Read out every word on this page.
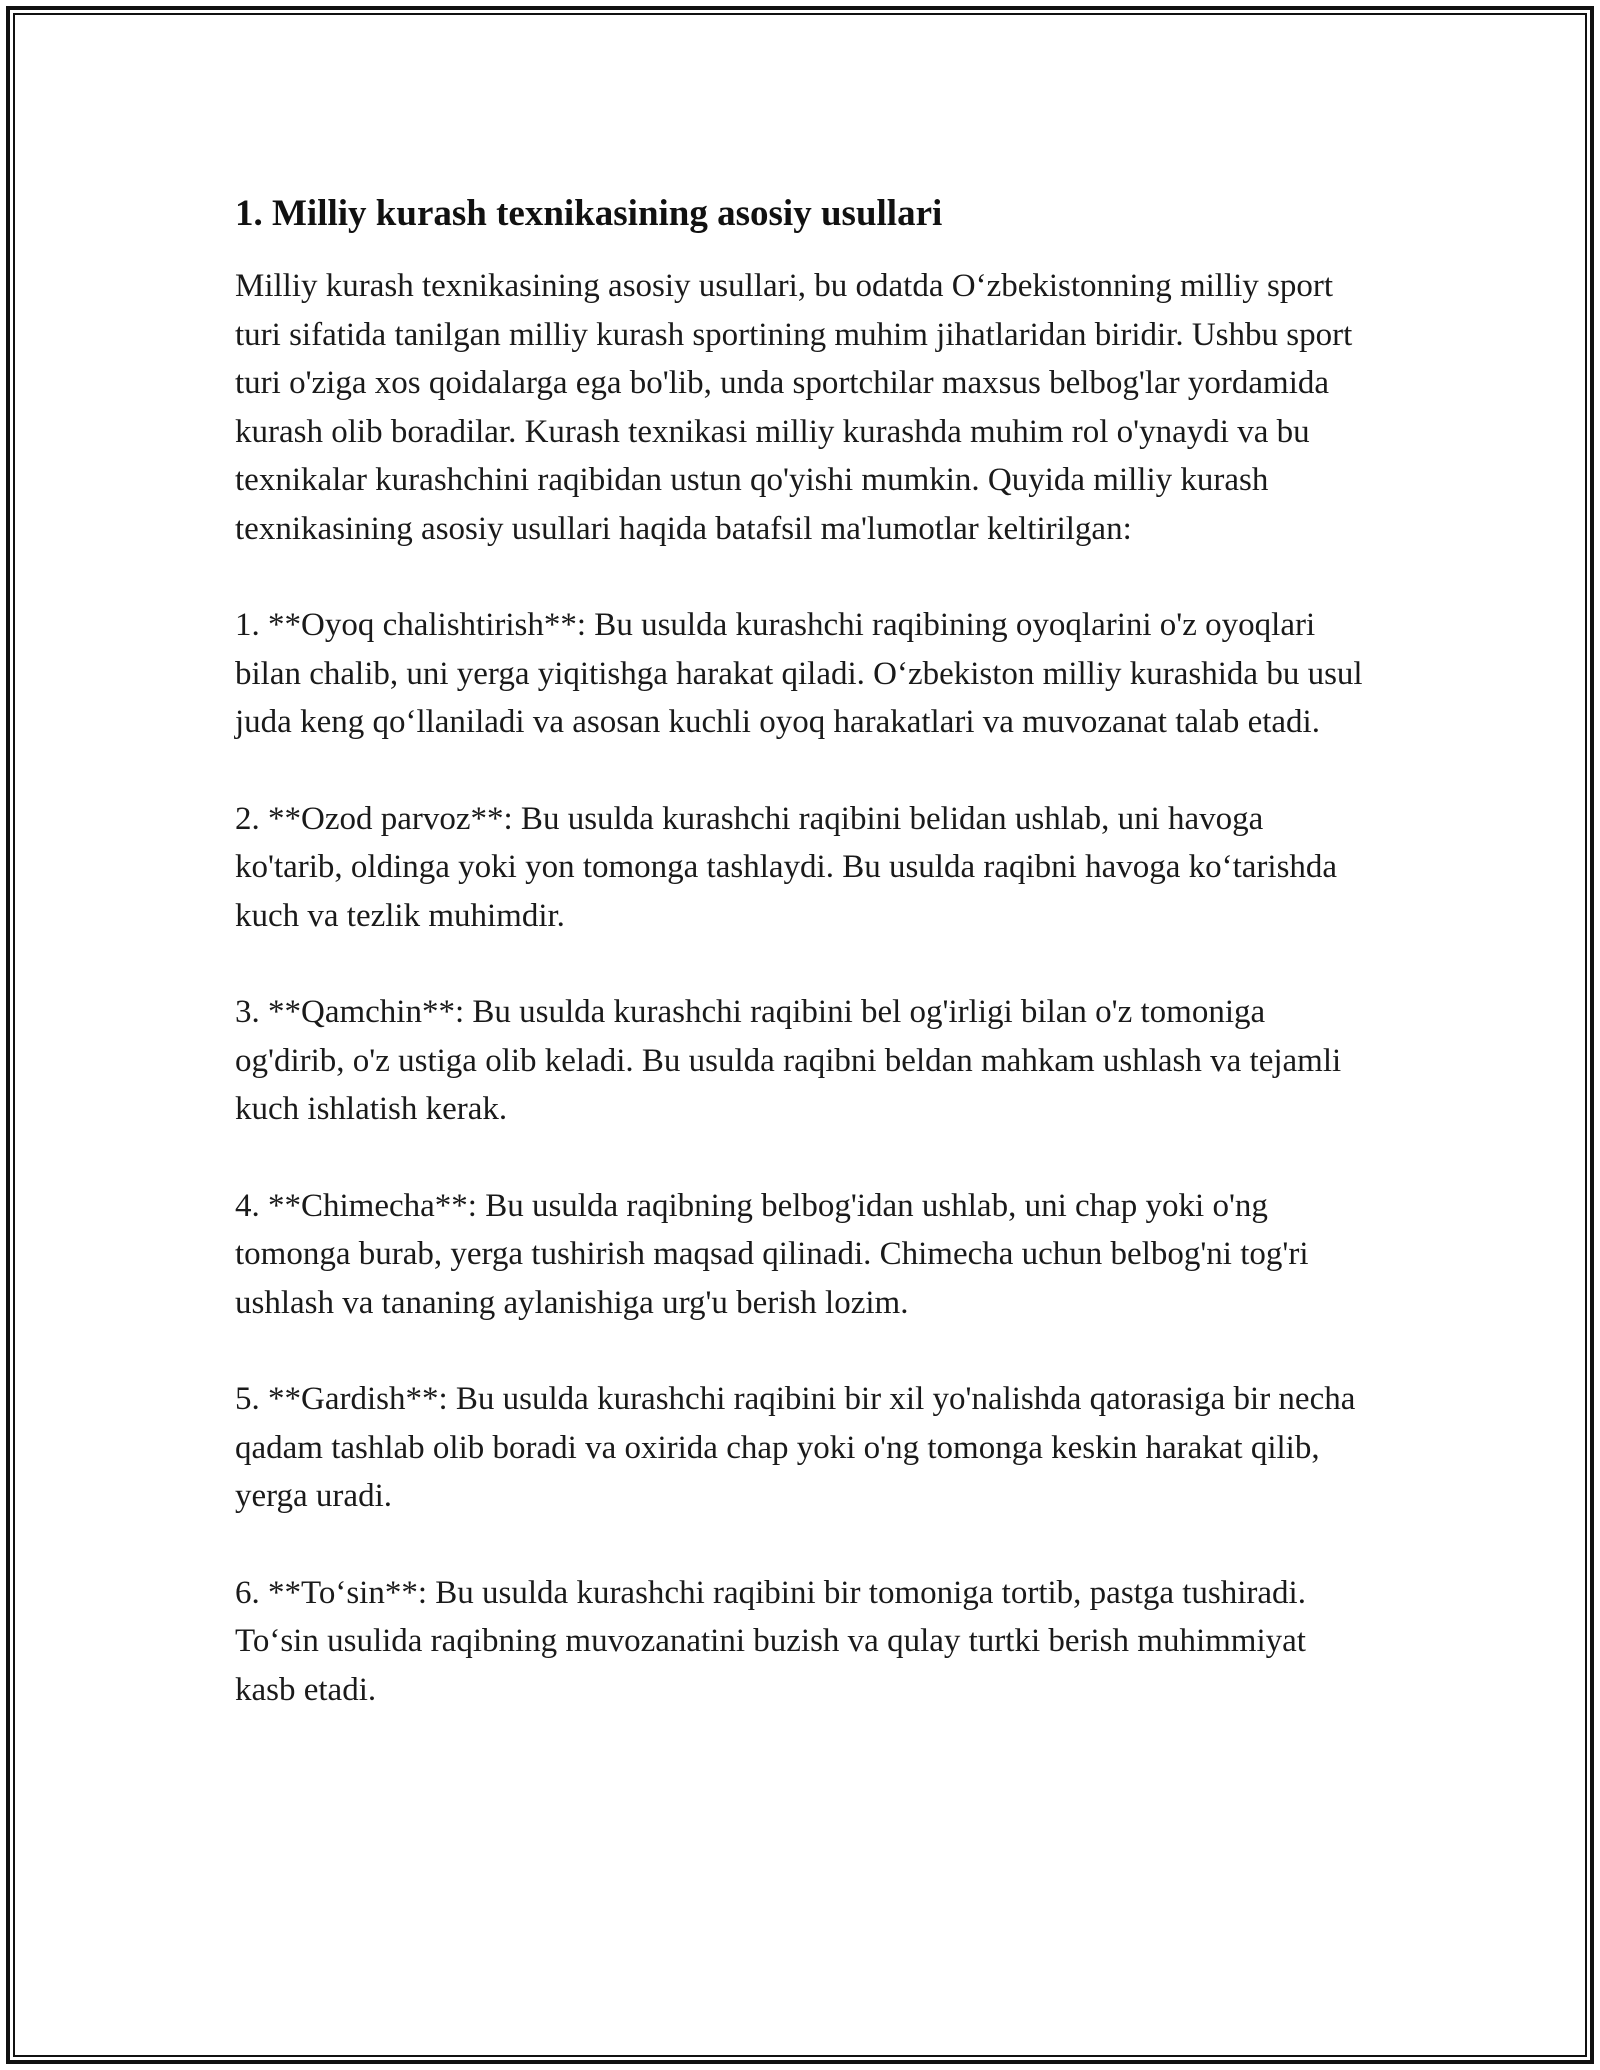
1. Milliy kurash texnikasining asosiy usullari

Milliy kurash texnikasining asosiy usullari, bu odatda O‘zbekistonning milliy sport turi sifatida tanilgan milliy kurash sportining muhim jihatlaridan biridir. Ushbu sport turi o'ziga xos qoidalarga ega bo'lib, unda sportchilar maxsus belbog'lar yordamida kurash olib boradilar. Kurash texnikasi milliy kurashda muhim rol o'ynaydi va bu texnikalar kurashchini raqibidan ustun qo'yishi mumkin. Quyida milliy kurash texnikasining asosiy usullari haqida batafsil ma'lumotlar keltirilgan:

1. **Oyoq chalishtirish**: Bu usulda kurashchi raqibining oyoqlarini o'z oyoqlari bilan chalib, uni yerga yiqitishga harakat qiladi. O‘zbekiston milliy kurashida bu usul juda keng qo‘llaniladi va asosan kuchli oyoq harakatlari va muvozanat talab etadi.

2. **Ozod parvoz**: Bu usulda kurashchi raqibini belidan ushlab, uni havoga ko'tarib, oldinga yoki yon tomonga tashlaydi. Bu usulda raqibni havoga ko‘tarishda kuch va tezlik muhimdir.

3. **Qamchin**: Bu usulda kurashchi raqibini bel og'irligi bilan o'z tomoniga og'dirib, o'z ustiga olib keladi. Bu usulda raqibni beldan mahkam ushlash va tejamli kuch ishlatish kerak.

4. **Chimecha**: Bu usulda raqibning belbog'idan ushlab, uni chap yoki o'ng tomonga burab, yerga tushirish maqsad qilinadi. Chimecha uchun belbog'ni tog'ri ushlash va tananing aylanishiga urg'u berish lozim.

5. **Gardish**: Bu usulda kurashchi raqibini bir xil yo'nalishda qatorasiga bir necha qadam tashlab olib boradi va oxirida chap yoki o'ng tomonga keskin harakat qilib, yerga uradi.

6. **To‘sin**: Bu usulda kurashchi raqibini bir tomoniga tortib, pastga tushiradi. To‘sin usulida raqibning muvozanatini buzish va qulay turtki berish muhimmiyat kasb etadi.
